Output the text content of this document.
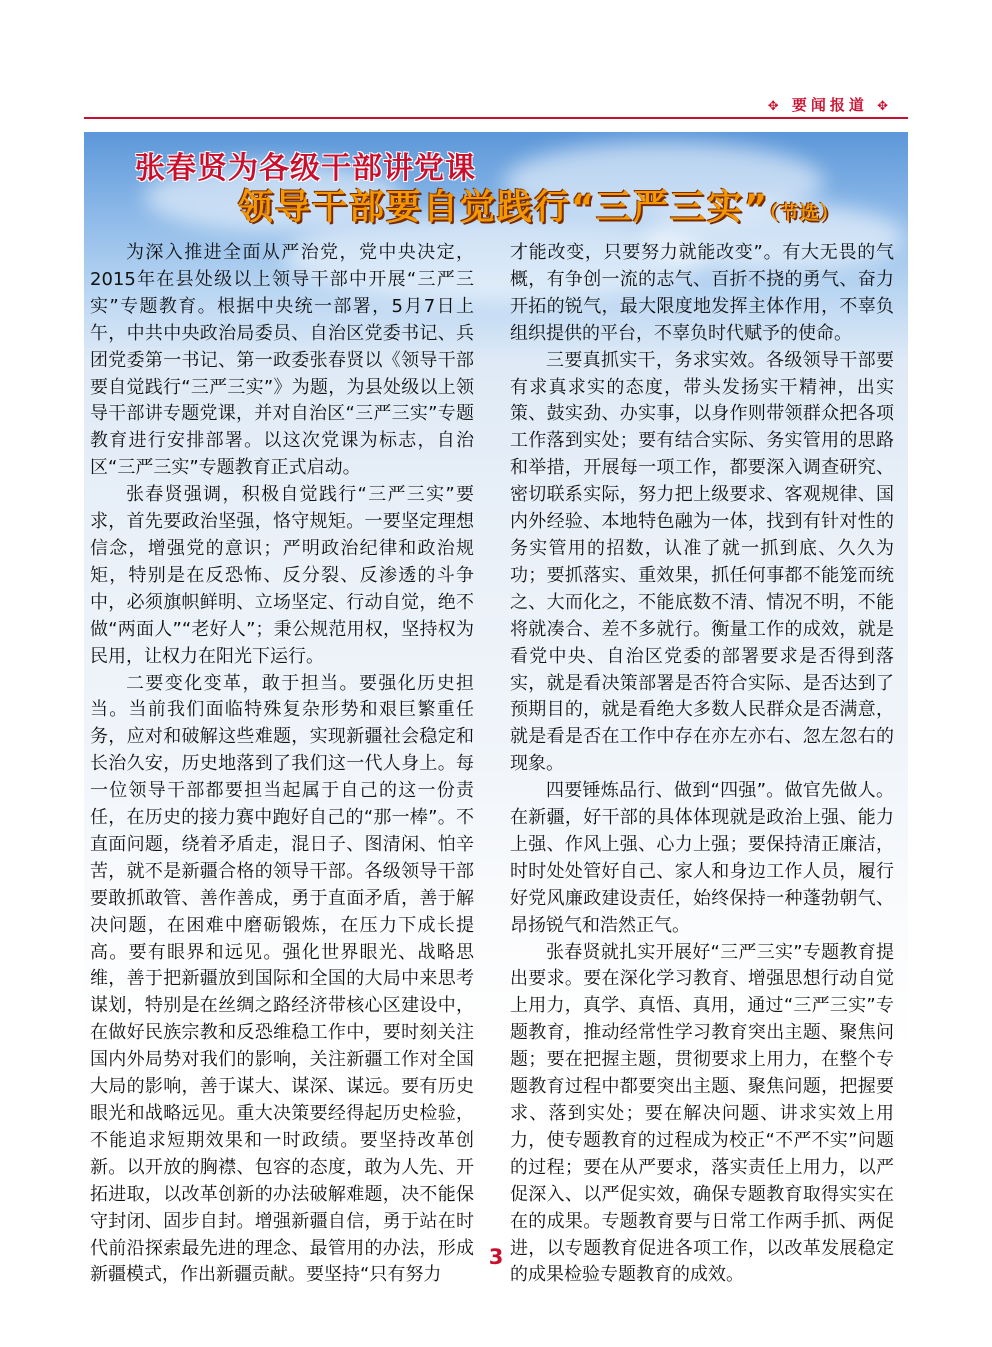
✥ 要闻报道 ✥
张春贤为各级干部讲党课
领导干部要自觉践行“三严三实”（节选）

为深入推进全面从严治党，党中央决定，2015年在县处级以上领导干部中开展“三严三实”专题教育。根据中央统一部署，5月7日上午，中共中央政治局委员、自治区党委书记、兵团党委第一书记、第一政委张春贤以《领导干部要自觉践行“三严三实”》为题，为县处级以上领导干部讲专题党课，并对自治区“三严三实”专题教育进行安排部署。以这次党课为标志，自治区“三严三实”专题教育正式启动。

张春贤强调，积极自觉践行“三严三实”要求，首先要政治坚强，恪守规矩。一要坚定理想信念，增强党的意识；严明政治纪律和政治规矩，特别是在反恐怖、反分裂、反渗透的斗争中，必须旗帜鲜明、立场坚定、行动自觉，绝不做“两面人”“老好人”；秉公规范用权，坚持权为民用，让权力在阳光下运行。

二要变化变革，敢于担当。要强化历史担当。当前我们面临特殊复杂形势和艰巨繁重任务，应对和破解这些难题，实现新疆社会稳定和长治久安，历史地落到了我们这一代人身上。每一位领导干部都要担当起属于自己的这一份责任，在历史的接力赛中跑好自己的“那一棒”。不直面问题，绕着矛盾走，混日子、图清闲、怕辛苦，就不是新疆合格的领导干部。各级领导干部要敢抓敢管、善作善成，勇于直面矛盾，善于解决问题，在困难中磨砺锻炼，在压力下成长提高。要有眼界和远见。强化世界眼光、战略思维，善于把新疆放到国际和全国的大局中来思考谋划，特别是在丝绸之路经济带核心区建设中，在做好民族宗教和反恐维稳工作中，要时刻关注国内外局势对我们的影响，关注新疆工作对全国大局的影响，善于谋大、谋深、谋远。要有历史眼光和战略远见。重大决策要经得起历史检验，不能追求短期效果和一时政绩。要坚持改革创新。以开放的胸襟、包容的态度，敢为人先、开拓进取，以改革创新的办法破解难题，决不能保守封闭、固步自封。增强新疆自信，勇于站在时代前沿探索最先进的理念、最管用的办法，形成新疆模式，作出新疆贡献。要坚持“只有努力

才能改变，只要努力就能改变”。有大无畏的气概，有争创一流的志气、百折不挠的勇气、奋力开拓的锐气，最大限度地发挥主体作用，不辜负组织提供的平台，不辜负时代赋予的使命。

三要真抓实干，务求实效。各级领导干部要有求真求实的态度，带头发扬实干精神，出实策、鼓实劲、办实事，以身作则带领群众把各项工作落到实处；要有结合实际、务实管用的思路和举措，开展每一项工作，都要深入调查研究、密切联系实际，努力把上级要求、客观规律、国内外经验、本地特色融为一体，找到有针对性的务实管用的招数，认准了就一抓到底、久久为功；要抓落实、重效果，抓任何事都不能笼而统之、大而化之，不能底数不清、情况不明，不能将就凑合、差不多就行。衡量工作的成效，就是看党中央、自治区党委的部署要求是否得到落实，就是看决策部署是否符合实际、是否达到了预期目的，就是看绝大多数人民群众是否满意，就是看是否在工作中存在亦左亦右、忽左忽右的现象。

四要锤炼品行、做到“四强”。做官先做人。在新疆，好干部的具体体现就是政治上强、能力上强、作风上强、心力上强；要保持清正廉洁，时时处处管好自己、家人和身边工作人员，履行好党风廉政建设责任，始终保持一种蓬勃朝气、昂扬锐气和浩然正气。

张春贤就扎实开展好“三严三实”专题教育提出要求。要在深化学习教育、增强思想行动自觉上用力，真学、真悟、真用，通过“三严三实”专题教育，推动经常性学习教育突出主题、聚焦问题；要在把握主题，贯彻要求上用力，在整个专题教育过程中都要突出主题、聚焦问题，把握要求、落到实处；要在解决问题、讲求实效上用力，使专题教育的过程成为校正“不严不实”问题的过程；要在从严要求，落实责任上用力，以严促深入、以严促实效，确保专题教育取得实实在在的成果。专题教育要与日常工作两手抓、两促进，以专题教育促进各项工作，以改革发展稳定的成果检验专题教育的成效。

3
